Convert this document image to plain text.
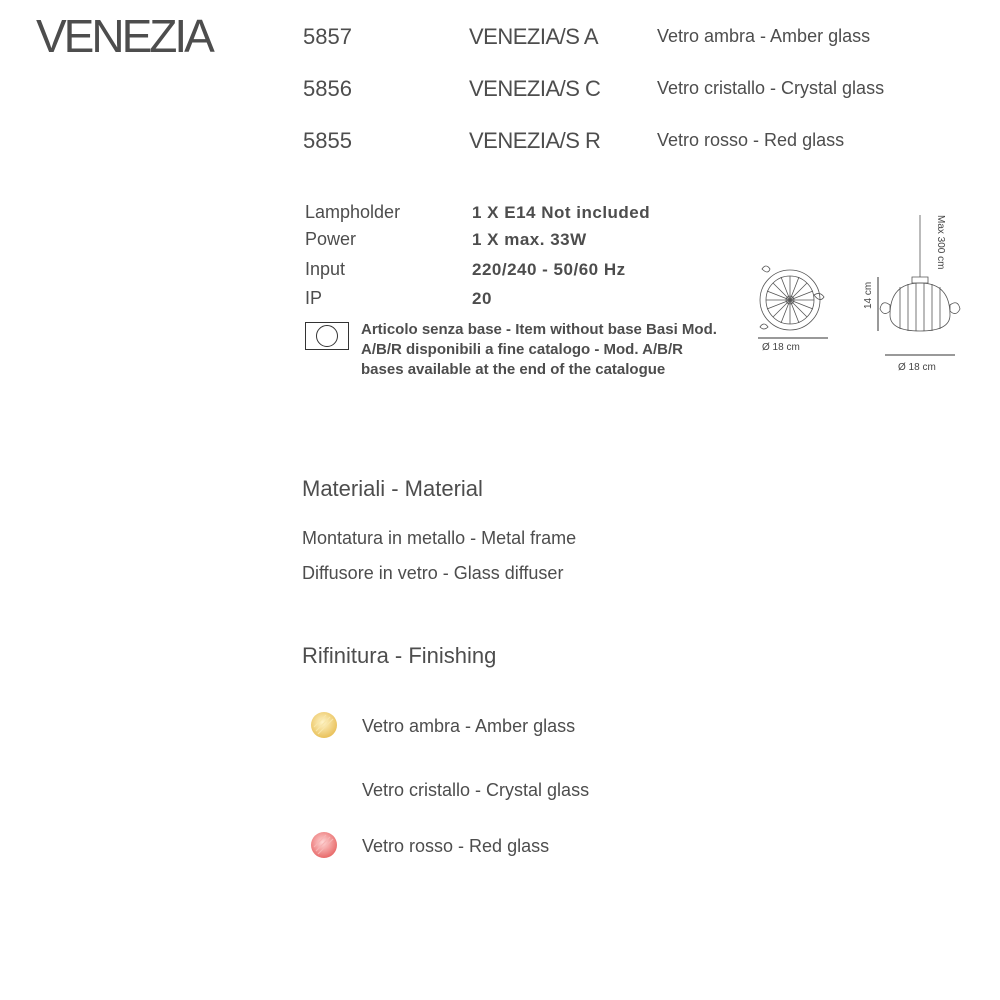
VENEZIA	5857	VENEZIA/S A	Vetro ambra - Amber glass
5856	VENEZIA/S C	Vetro cristallo - Crystal glass
5855	VENEZIA/S R	Vetro rosso - Red glass
Lampholder	1 X E14 Not included
Power	1 X max. 33W
Input	220/240 - 50/60 Hz
IP	20
Articolo senza base - Item without base Basi Mod. A/B/R disponibili a fine catalogo - Mod. A/B/R bases available at the end of the catalogue
Ø 18 cm
Ø 18 cm
14 cm
Max 300 cm
Materiali - Material
Montatura in metallo - Metal frame
Diffusore in vetro - Glass diffuser
Rifinitura - Finishing
Vetro ambra - Amber glass
Vetro cristallo - Crystal glass
Vetro rosso - Red glass
